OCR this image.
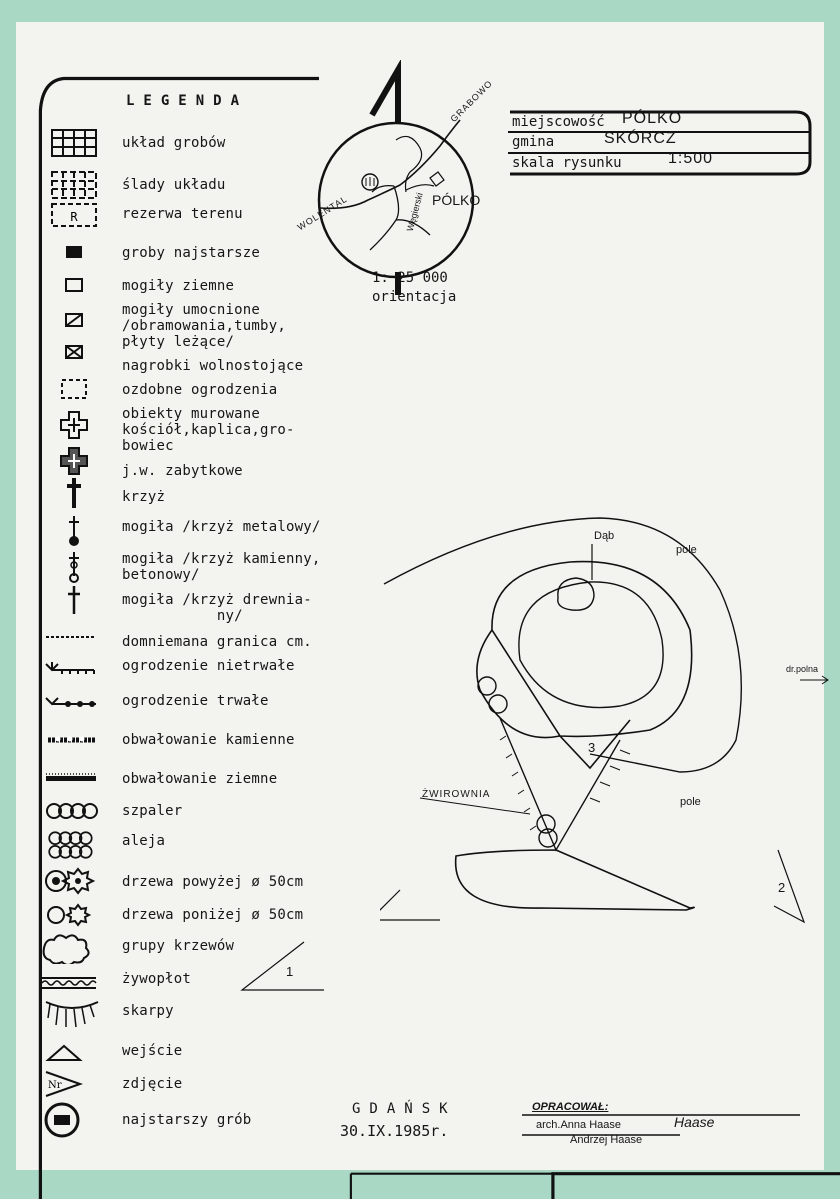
LEGENDA
R
Nr
układ grobów
ślady układu
rezerwa terenu
groby najstarsze
mogiły ziemne
mogiły umocnione
/obramowania,tumby,
płyty leżące/
nagrobki wolnostojące
ozdobne ogrodzenia
obiekty murowane
kościół,kaplica,gro-
bowiec
j.w. zabytkowe
krzyż
mogiła /krzyż metalowy/
mogiła /krzyż kamienny,
betonowy/
mogiła /krzyż drewnia-
ny/
domniemana granica cm.
ogrodzenie nietrwałe
ogrodzenie trwałe
obwałowanie kamienne
obwałowanie ziemne
szpaler
aleja
drzewa powyżej ø 50cm
drzewa poniżej ø 50cm
grupy krzewów
żywopłot
skarpy
wejście
zdjęcie
najstarszy grób
GRABOWO
WOLENTAL	Węgierski PÓLKO
1: 25 000
orientacja
miejscowość PÓLKO
gmina	SKÓRCZ
skala rysunku	1:500
Dąb
pole
pole
dr.polna
ŻWIROWNIA
1
2
3
GDAŃSK
30.IX.1985r.
OPRACOWAŁ:
arch.Anna Haase	Haase
Andrzej Haase
